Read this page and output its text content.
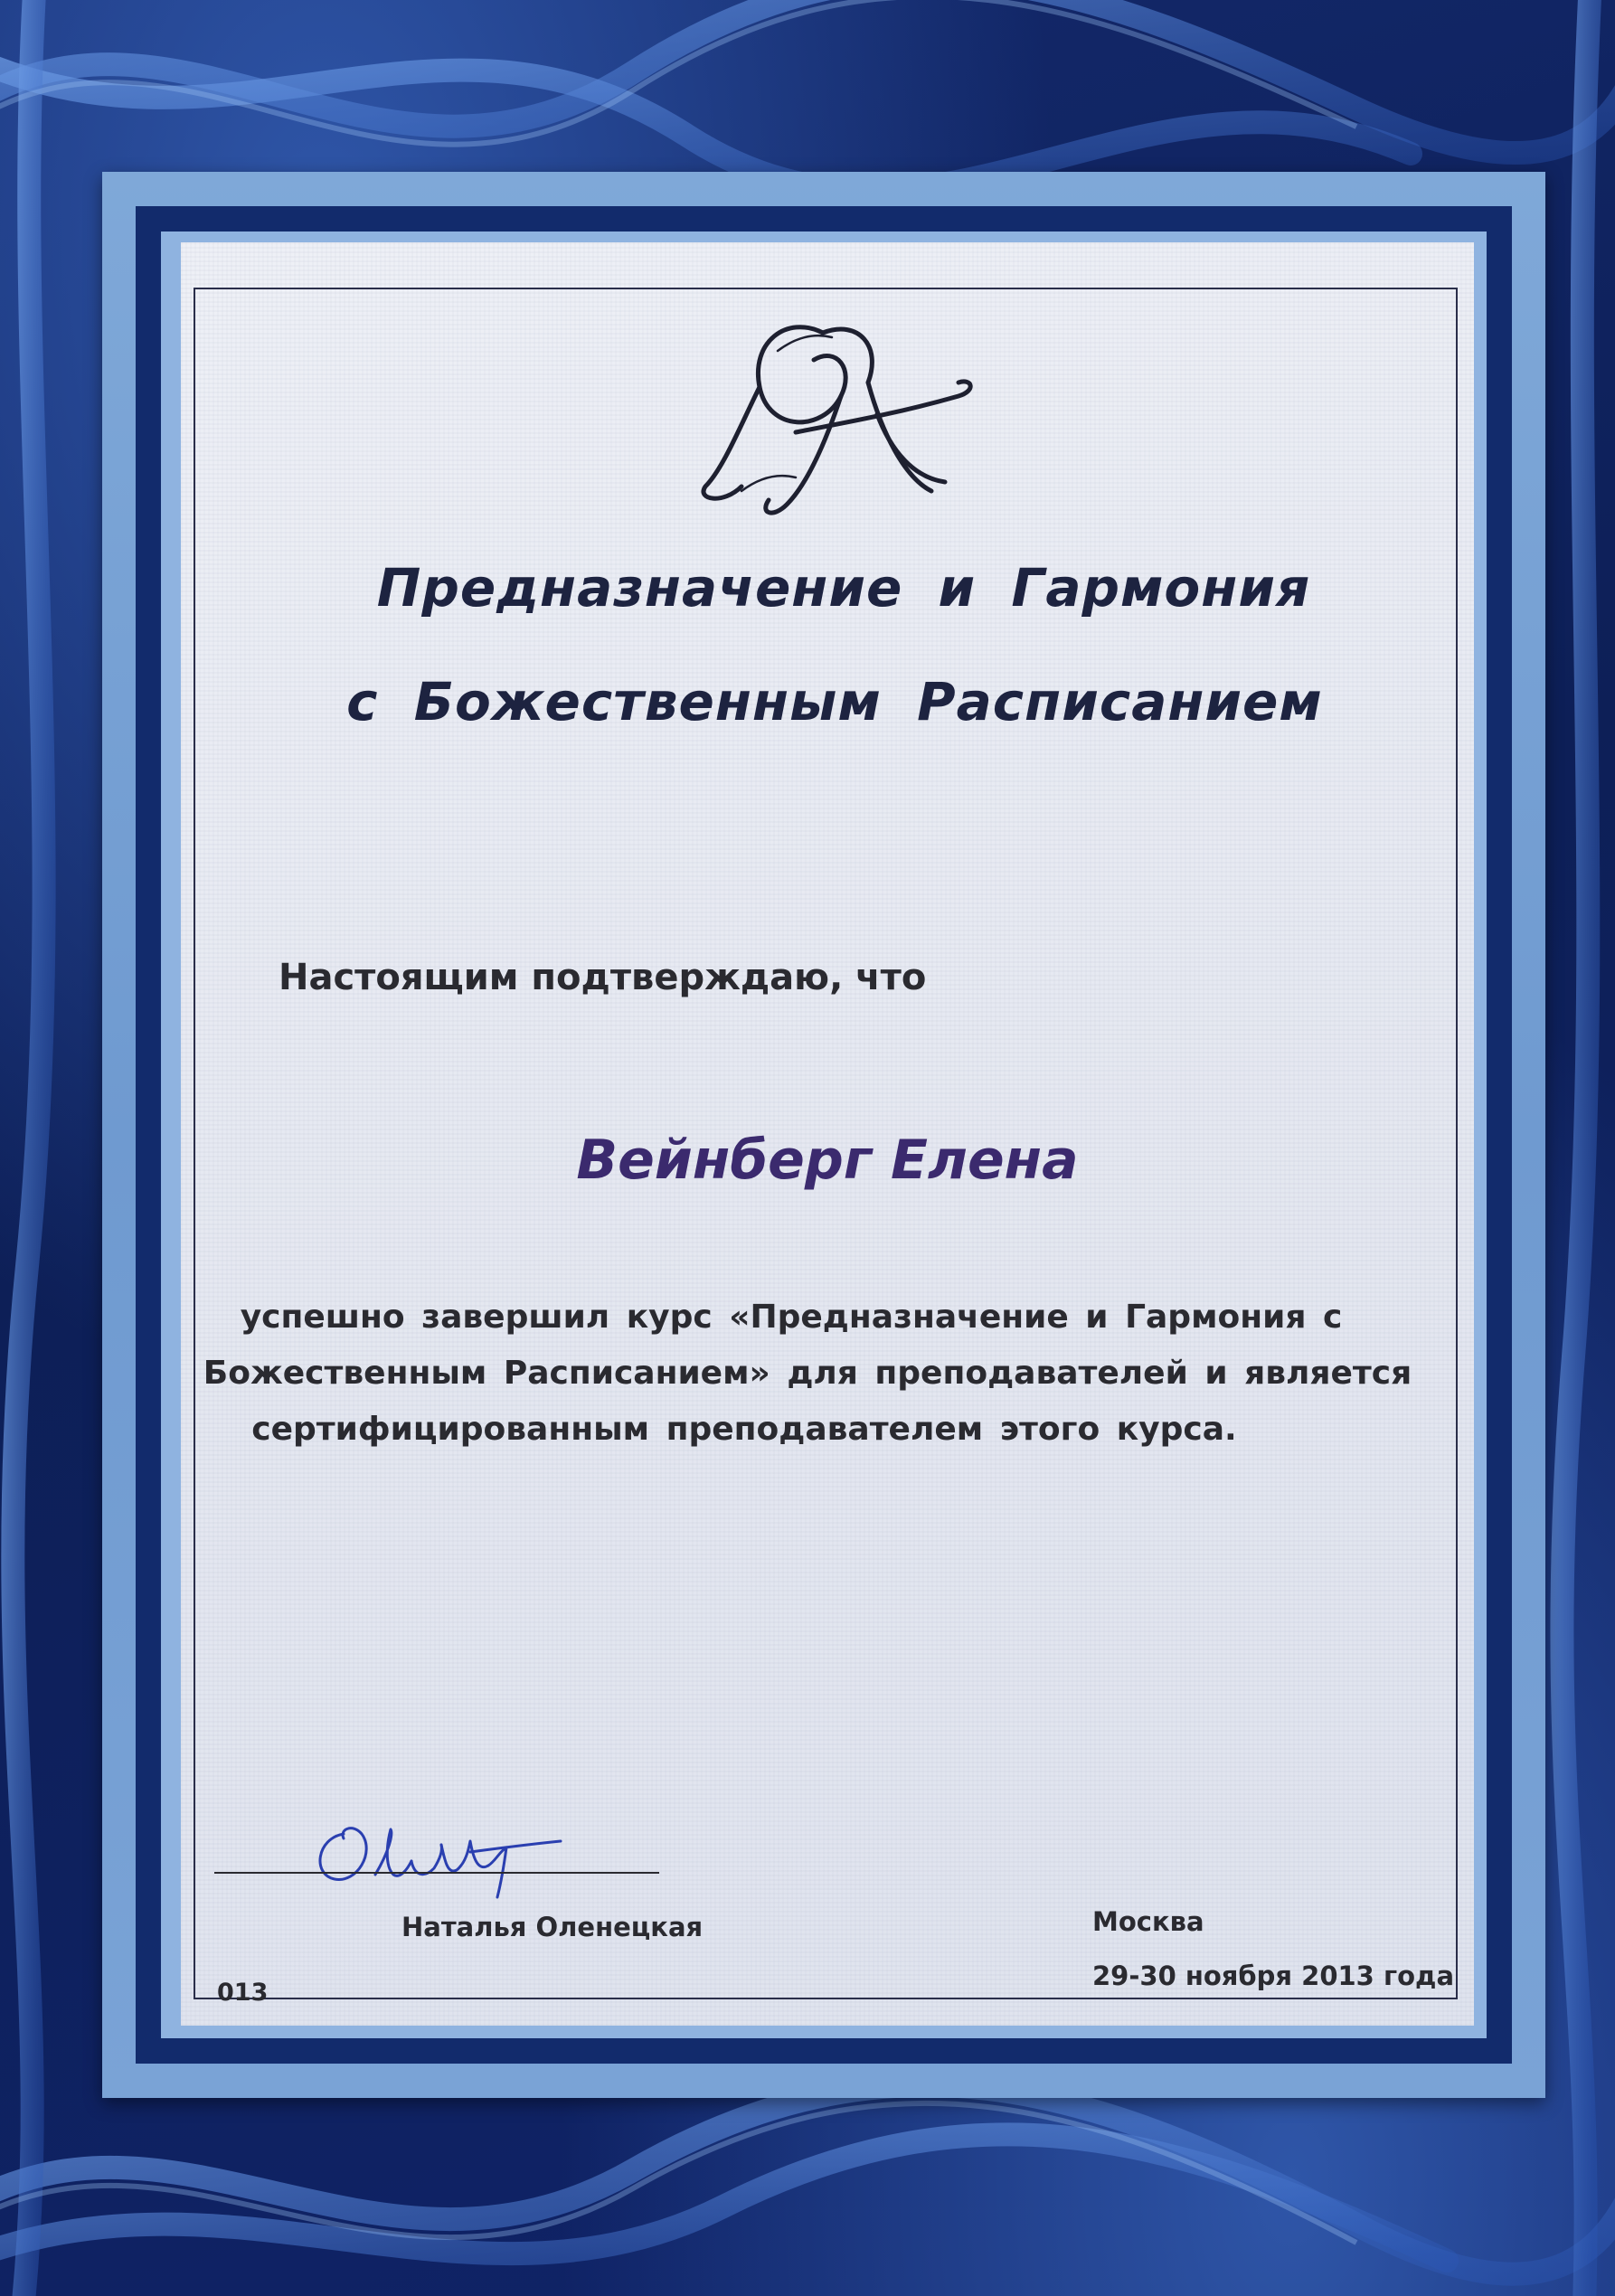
Предназначение и Гармония
с Божественным Расписанием
Настоящим подтверждаю, что
Вейнберг Елена
успешно завершил курс «Предназначение и Гармония с
Божественным Расписанием» для преподавателей и является
сертифицированным преподавателем этого курса.
Наталья Оленецкая
013
Москва
29-30 ноября 2013 года
